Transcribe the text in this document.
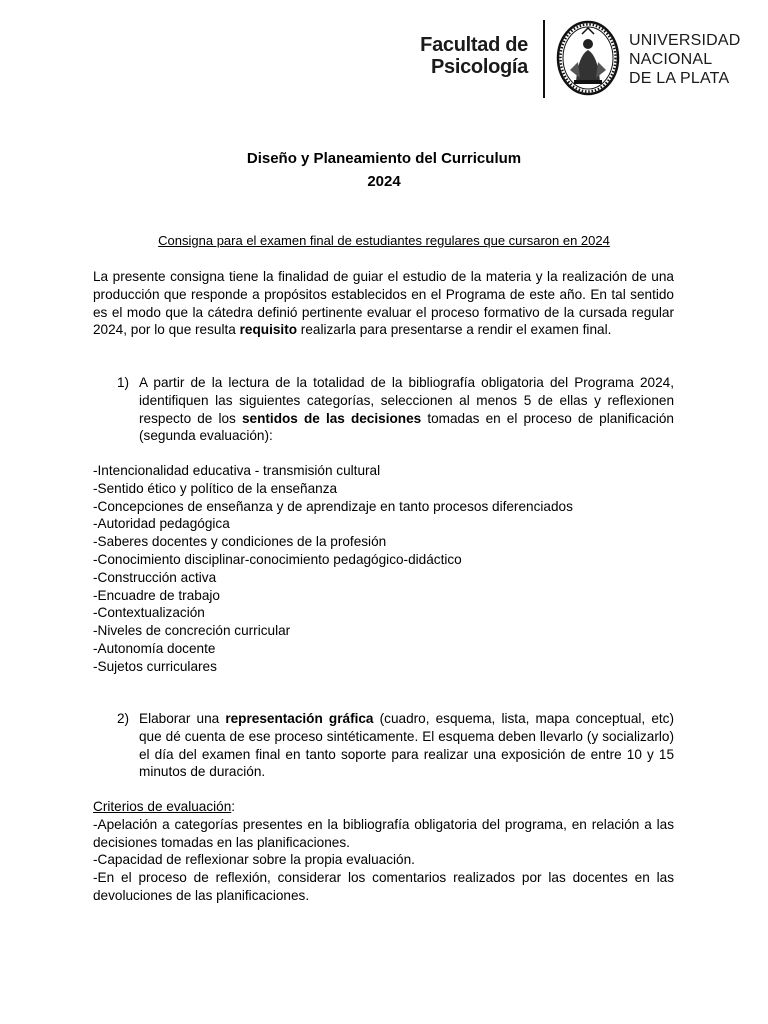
Facultad de
Psicología
UNIVERSIDAD
NACIONAL
DE LA PLATA
Diseño y Planeamiento del Curriculum
2024
Consigna para el examen final de estudiantes regulares que cursaron en 2024
La presente consigna tiene la finalidad de guiar el estudio de la materia y la realización de una producción que responde a propósitos establecidos en el Programa de este año. En tal sentido es el modo que la cátedra definió pertinente evaluar el proceso formativo de la cursada regular 2024, por lo que resulta requisito realizarla para presentarse a rendir el examen final.
1) A partir de la lectura de la totalidad de la bibliografía obligatoria del Programa 2024, identifiquen las siguientes categorías, seleccionen al menos 5 de ellas y reflexionen respecto de los sentidos de las decisiones tomadas en el proceso de planificación (segunda evaluación):
-Intencionalidad educativa - transmisión cultural
-Sentido ético y político de la enseñanza
-Concepciones de enseñanza y de aprendizaje en tanto procesos diferenciados
-Autoridad pedagógica
-Saberes docentes y condiciones de la profesión
-Conocimiento disciplinar-conocimiento pedagógico-didáctico
-Construcción activa
-Encuadre de trabajo
-Contextualización
-Niveles de concreción curricular
-Autonomía docente
-Sujetos curriculares
2) Elaborar una representación gráfica (cuadro, esquema, lista, mapa conceptual, etc) que dé cuenta de ese proceso sintéticamente. El esquema deben llevarlo (y socializarlo) el día del examen final en tanto soporte para realizar una exposición de entre 10 y 15 minutos de duración.
Criterios de evaluación:
-Apelación a categorías presentes en la bibliografía obligatoria del programa, en relación a las decisiones tomadas en las planificaciones.
-Capacidad de reflexionar sobre la propia evaluación.
-En el proceso de reflexión, considerar los comentarios realizados por las docentes en las devoluciones de las planificaciones.
